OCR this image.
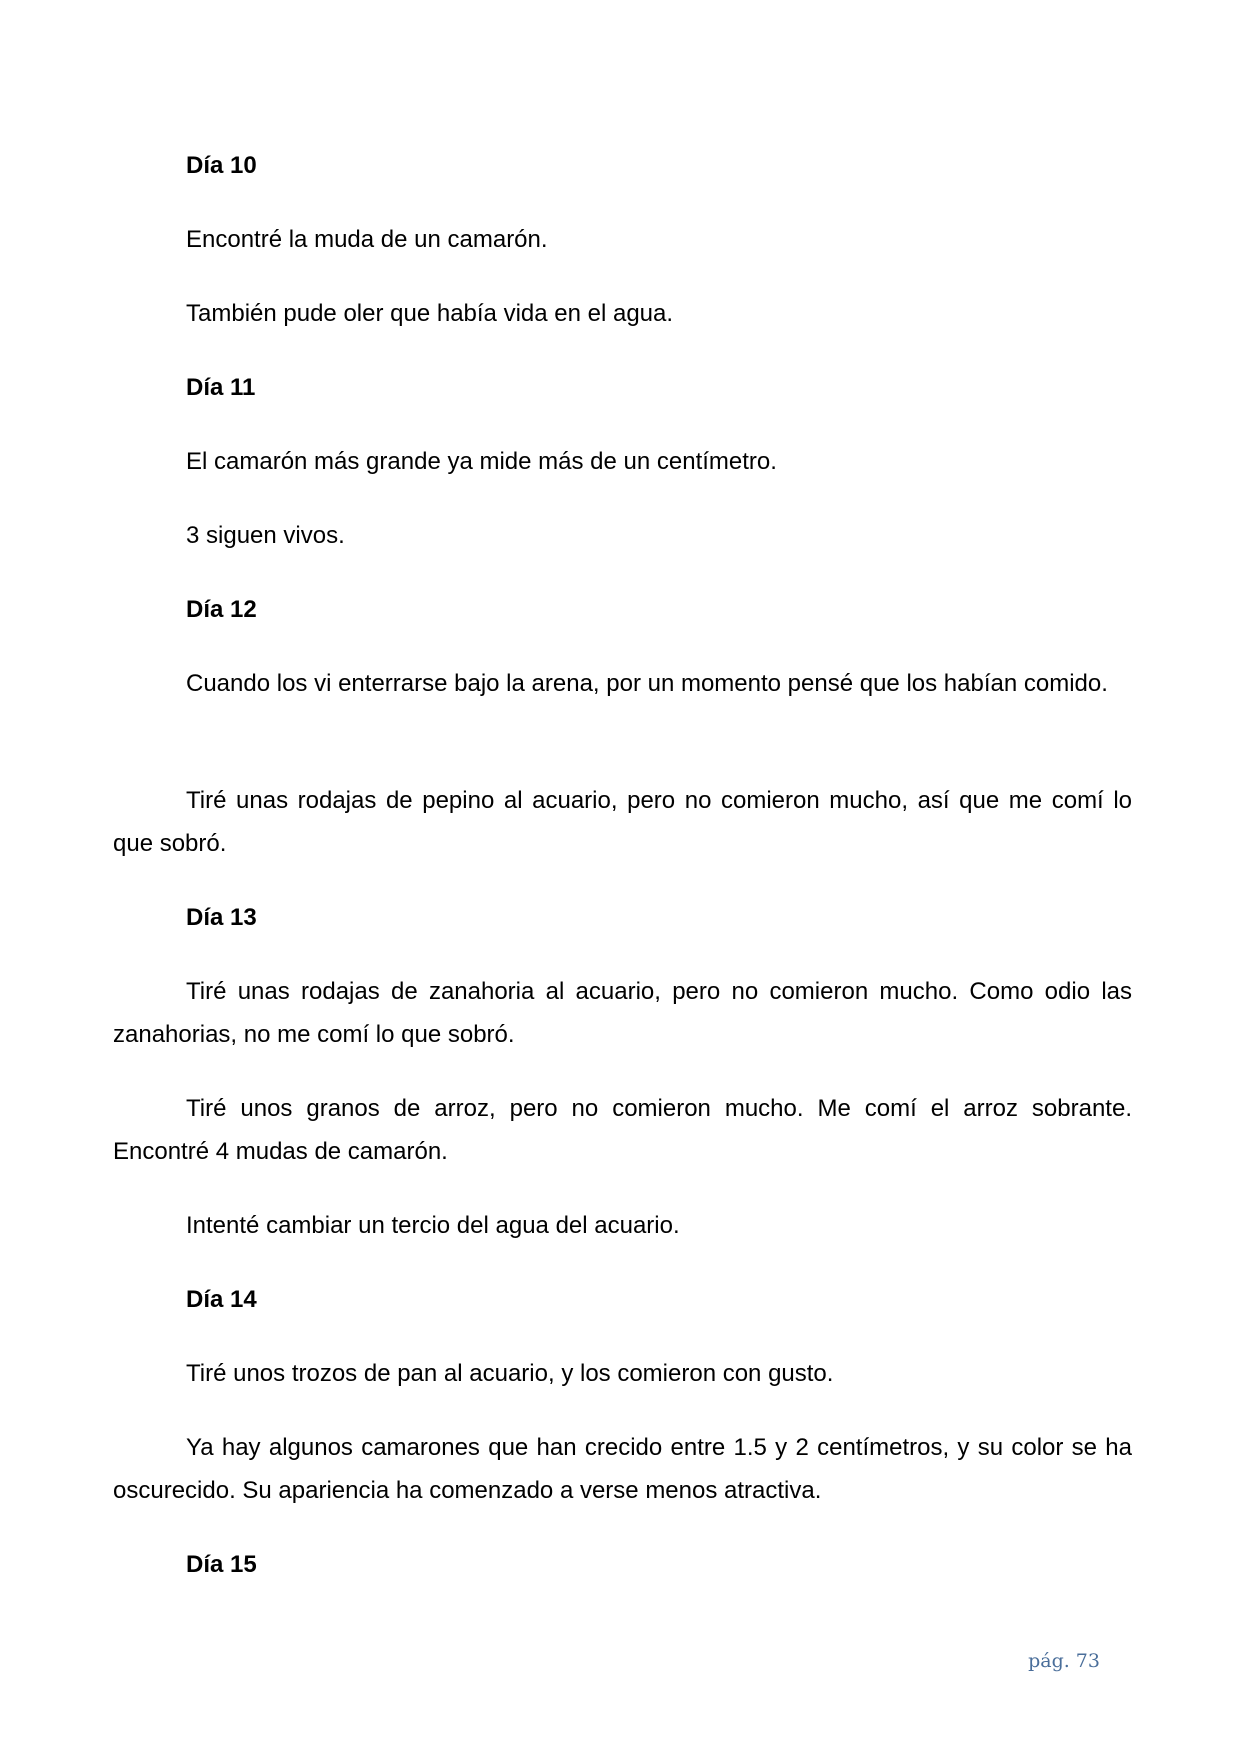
Día 10

Encontré la muda de un camarón.

También pude oler que había vida en el agua.

Día 11

El camarón más grande ya mide más de un centímetro.

3 siguen vivos.

Día 12

Cuando los vi enterrarse bajo la arena, por un momento pensé que los habían comido.

Tiré unas rodajas de pepino al acuario, pero no comieron mucho, así que me comí lo que sobró.

Día 13

Tiré unas rodajas de zanahoria al acuario, pero no comieron mucho. Como odio las zanahorias, no me comí lo que sobró.

Tiré unos granos de arroz, pero no comieron mucho. Me comí el arroz sobrante. Encontré 4 mudas de camarón.

Intenté cambiar un tercio del agua del acuario.

Día 14

Tiré unos trozos de pan al acuario, y los comieron con gusto.

Ya hay algunos camarones que han crecido entre 1.5 y 2 centímetros, y su color se ha oscurecido. Su apariencia ha comenzado a verse menos atractiva.

Día 15
pág. 73
